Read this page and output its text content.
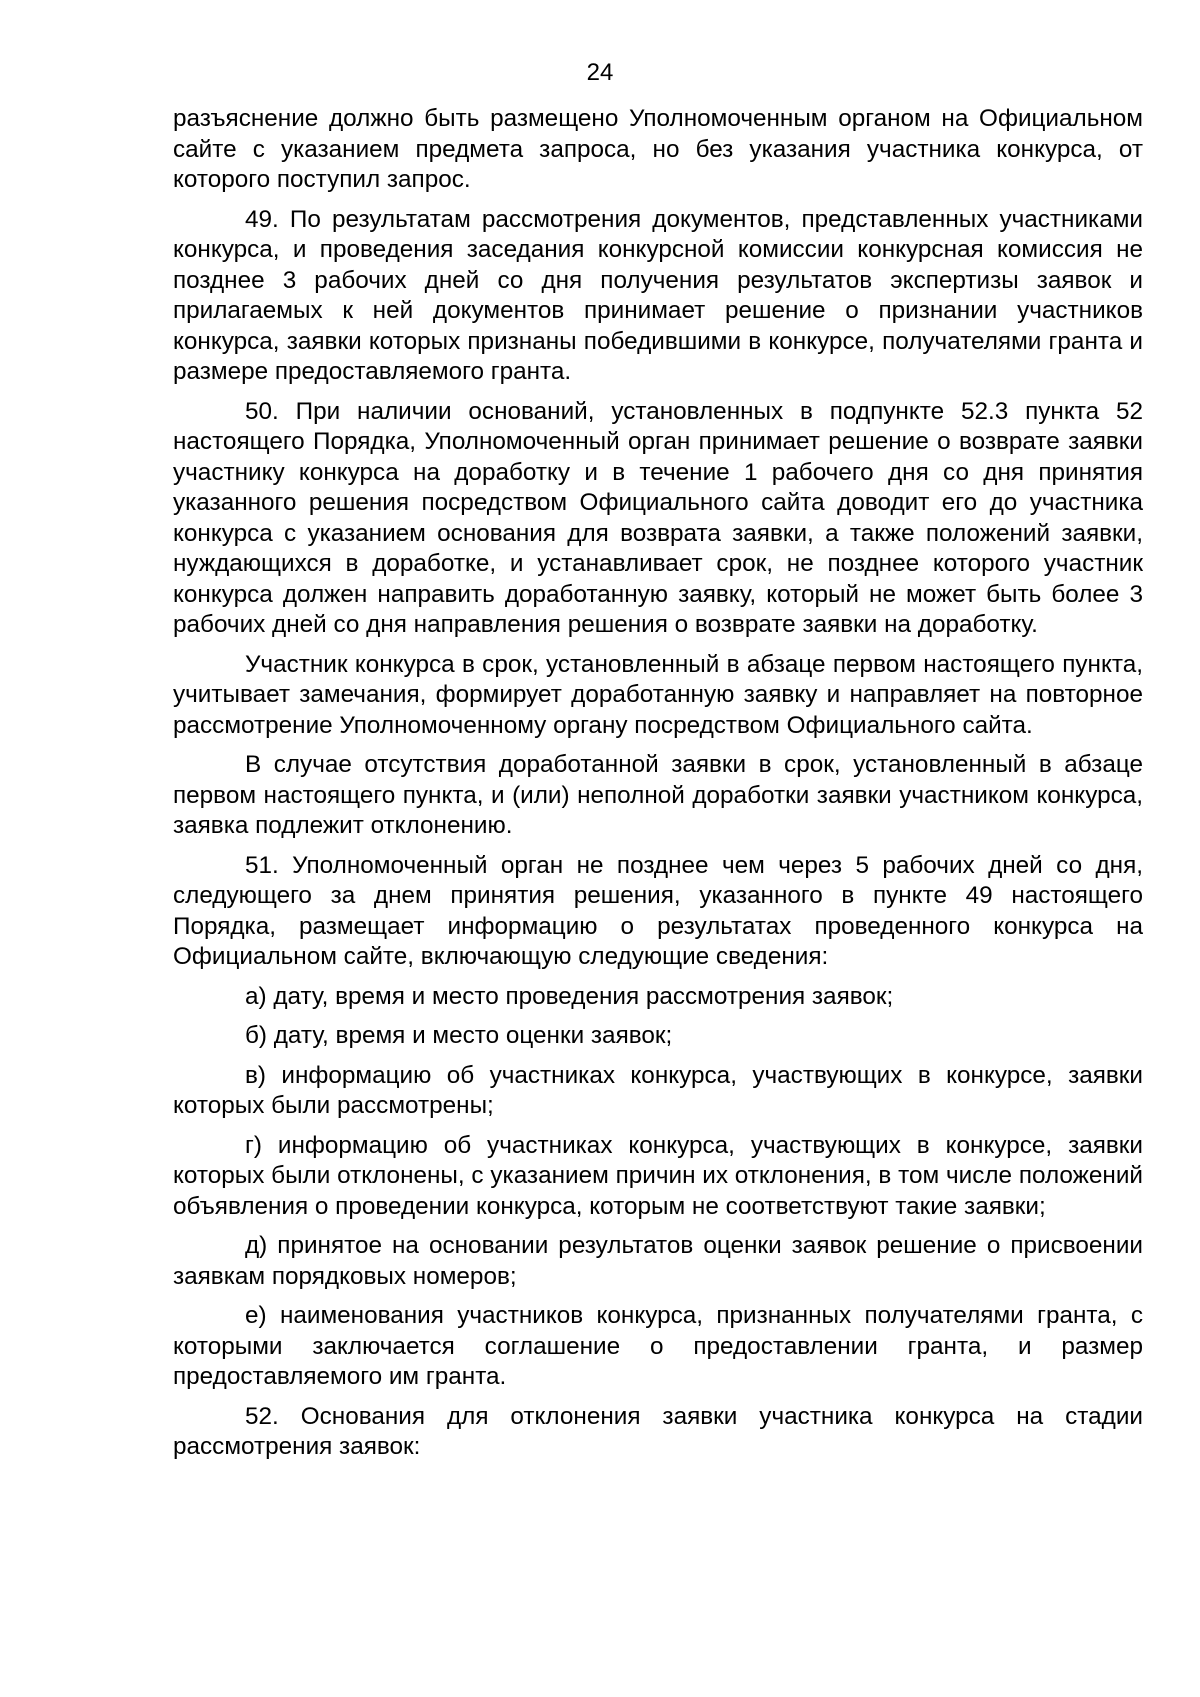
24

разъяснение должно быть размещено Уполномоченным органом на Официальном сайте с указанием предмета запроса, но без указания участника конкурса, от которого поступил запрос.

49. По результатам рассмотрения документов, представленных участниками конкурса, и проведения заседания конкурсной комиссии конкурсная комиссия не позднее 3 рабочих дней со дня получения результатов экспертизы заявок и прилагаемых к ней документов принимает решение о признании участников конкурса, заявки которых признаны победившими в конкурсе, получателями гранта и размере предоставляемого гранта.

50. При наличии оснований, установленных в подпункте 52.3 пункта 52 настоящего Порядка, Уполномоченный орган принимает решение о возврате заявки участнику конкурса на доработку и в течение 1 рабочего дня со дня принятия указанного решения посредством Официального сайта доводит его до участника конкурса с указанием основания для возврата заявки, а также положений заявки, нуждающихся в доработке, и устанавливает срок, не позднее которого участник конкурса должен направить доработанную заявку, который не может быть более 3 рабочих дней со дня направления решения о возврате заявки на доработку.

Участник конкурса в срок, установленный в абзаце первом настоящего пункта, учитывает замечания, формирует доработанную заявку и направляет на повторное рассмотрение Уполномоченному органу посредством Официального сайта.

В случае отсутствия доработанной заявки в срок, установленный в абзаце первом настоящего пункта, и (или) неполной доработки заявки участником конкурса, заявка подлежит отклонению.

51. Уполномоченный орган не позднее чем через 5 рабочих дней со дня, следующего за днем принятия решения, указанного в пункте 49 настоящего Порядка, размещает информацию о результатах проведенного конкурса на Официальном сайте, включающую следующие сведения:

а) дату, время и место проведения рассмотрения заявок;

б) дату, время и место оценки заявок;

в) информацию об участниках конкурса, участвующих в конкурсе, заявки которых были рассмотрены;

г) информацию об участниках конкурса, участвующих в конкурсе, заявки которых были отклонены, с указанием причин их отклонения, в том числе положений объявления о проведении конкурса, которым не соответствуют такие заявки;

д) принятое на основании результатов оценки заявок решение о присвоении заявкам порядковых номеров;

е) наименования участников конкурса, признанных получателями гранта, с которыми заключается соглашение о предоставлении гранта, и размер предоставляемого им гранта.

52. Основания для отклонения заявки участника конкурса на стадии рассмотрения заявок:
